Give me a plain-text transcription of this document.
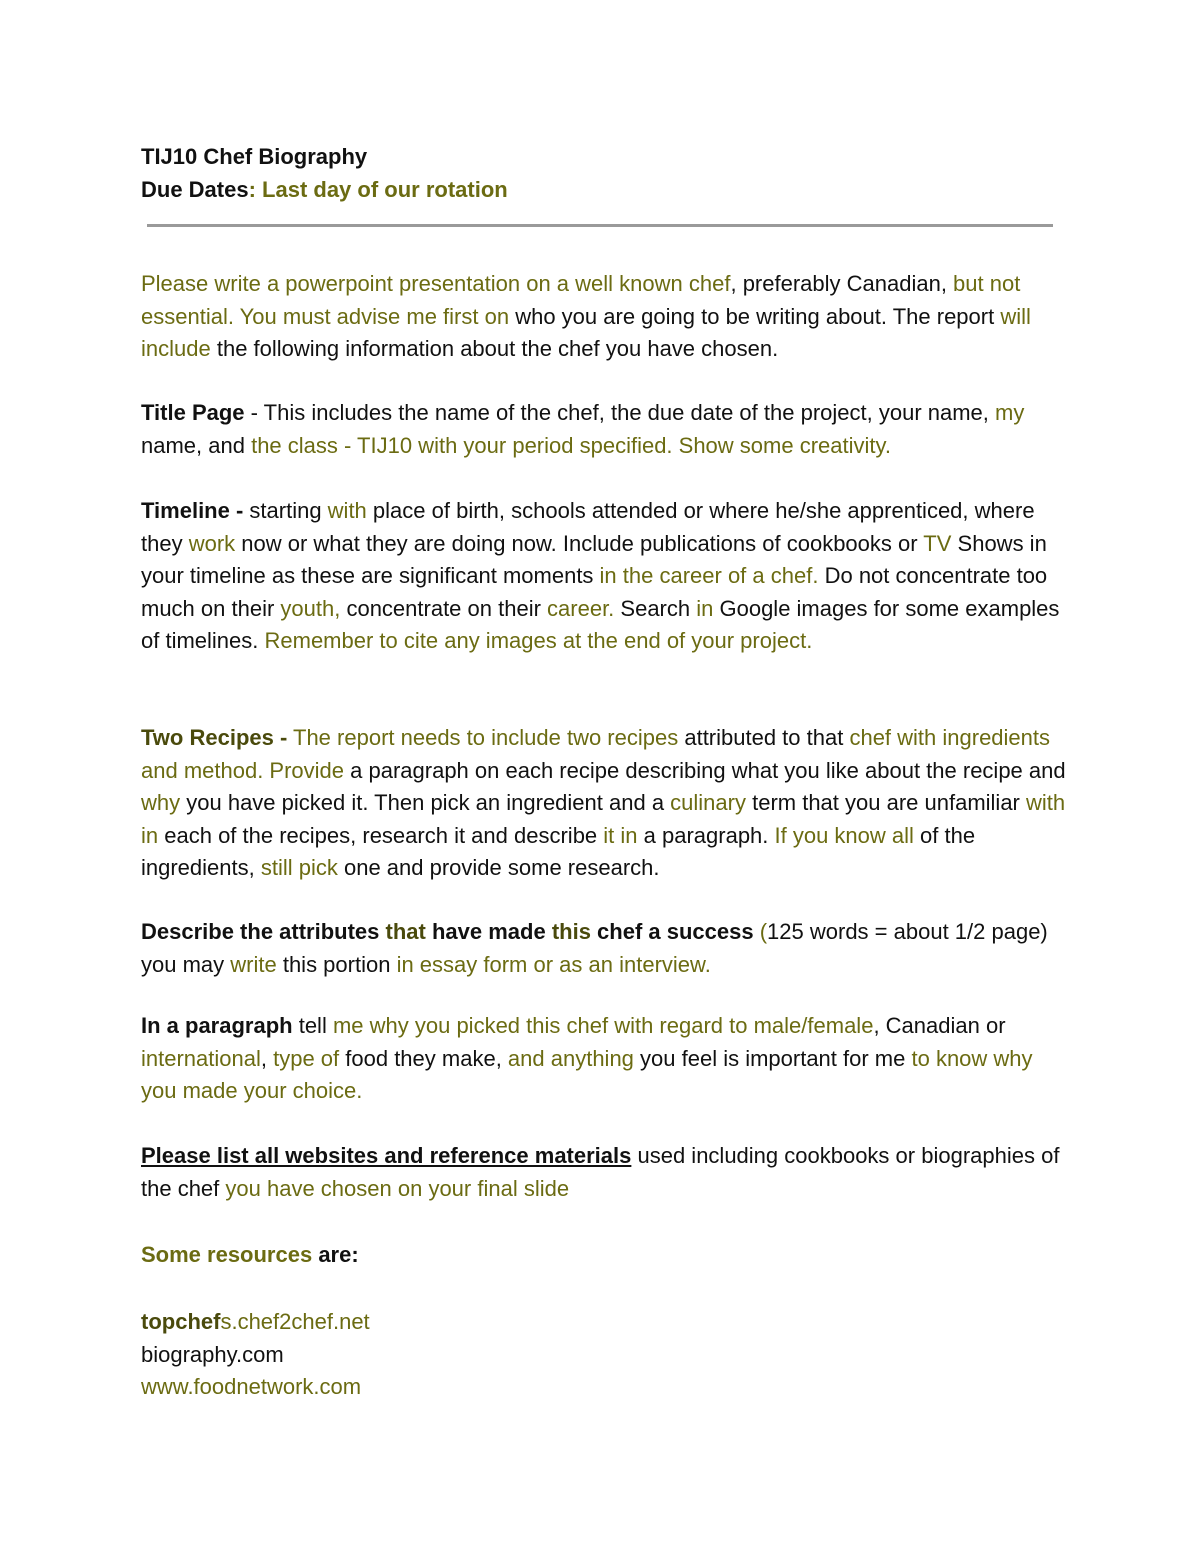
TIJ10 Chef Biography
Due Dates: Last day of our rotation
Please write a powerpoint presentation on a well known chef, preferably Canadian, but not essential. You must advise me first on who you are going to be writing about. The report will include the following information about the chef you have chosen.
Title Page - This includes the name of the chef, the due date of the project, your name, my name, and the class - TIJ10 with your period specified. Show some creativity.
Timeline - starting with place of birth, schools attended or where he/she apprenticed, where they work now or what they are doing now. Include publications of cookbooks or TV Shows in your timeline as these are significant moments in the career of a chef. Do not concentrate too much on their youth, concentrate on their career. Search in Google images for some examples of timelines. Remember to cite any images at the end of your project.
Two Recipes - The report needs to include two recipes attributed to that chef with ingredients and method. Provide a paragraph on each recipe describing what you like about the recipe and why you have picked it. Then pick an ingredient and a culinary term that you are unfamiliar with in each of the recipes, research it and describe it in a paragraph. If you know all of the ingredients, still pick one and provide some research.
Describe the attributes that have made this chef a success (125 words = about 1/2 page) you may write this portion in essay form or as an interview.
In a paragraph tell me why you picked this chef with regard to male/female, Canadian or international, type of food they make, and anything you feel is important for me to know why you made your choice.
Please list all websites and reference materials used including cookbooks or biographies of the chef you have chosen on your final slide
Some resources are:
topchefs.chef2chef.net
biography.com
www.foodnetwork.com
